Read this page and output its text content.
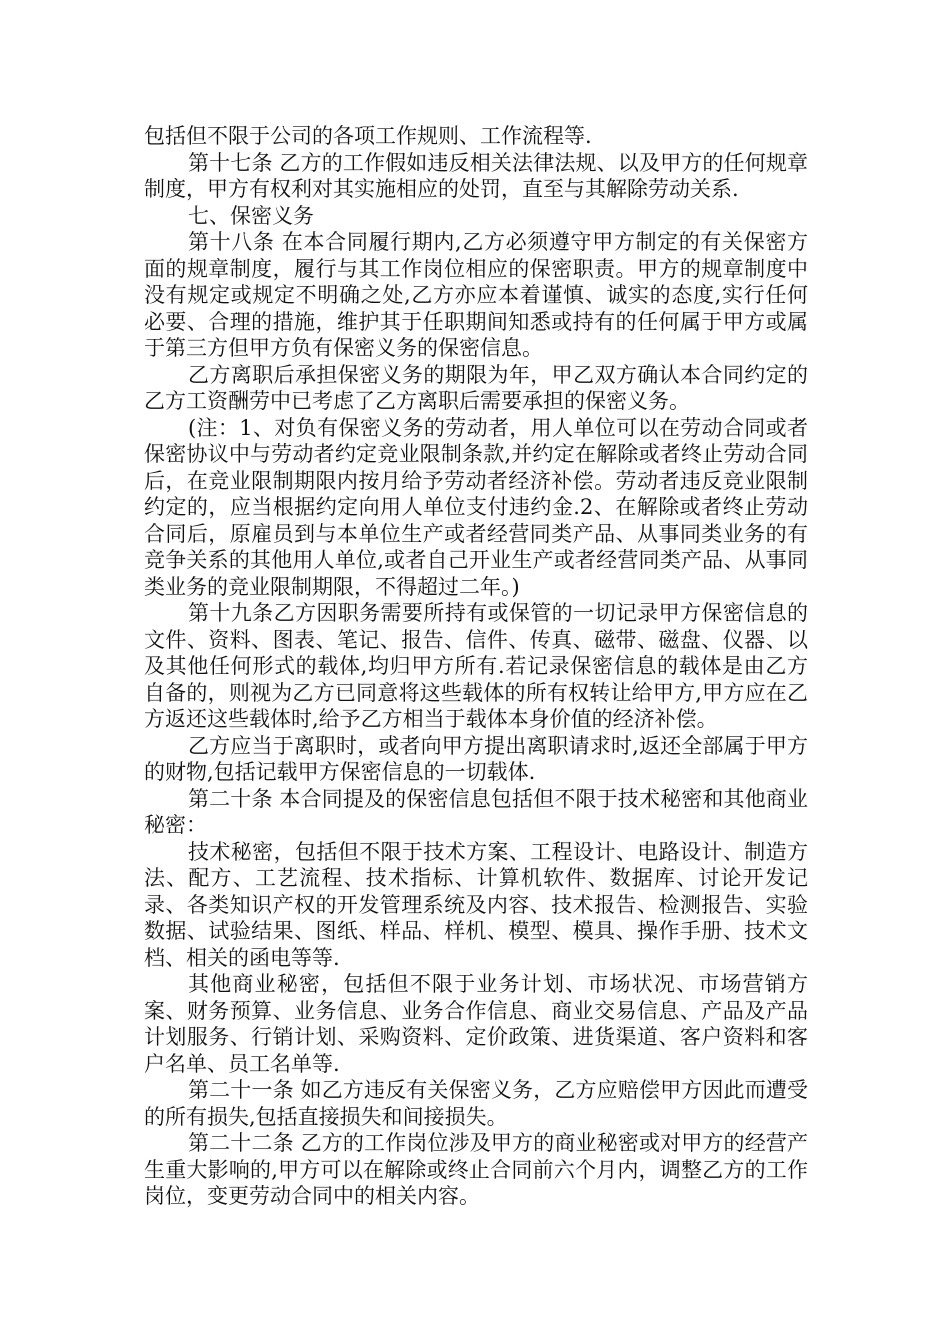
包括但不限于公司的各项工作规则、工作流程等.

第十七条 乙方的工作假如违反相关法律法规、以及甲方的任何规章制度，甲方有权利对其实施相应的处罚，直至与其解除劳动关系.

七、保密义务

第十八条 在本合同履行期内,乙方必须遵守甲方制定的有关保密方面的规章制度，履行与其工作岗位相应的保密职责。甲方的规章制度中没有规定或规定不明确之处,乙方亦应本着谨慎、诚实的态度,实行任何必要、合理的措施，维护其于任职期间知悉或持有的任何属于甲方或属于第三方但甲方负有保密义务的保密信息。

乙方离职后承担保密义务的期限为年，甲乙双方确认本合同约定的乙方工资酬劳中已考虑了乙方离职后需要承担的保密义务。

(注：1、对负有保密义务的劳动者，用人单位可以在劳动合同或者保密协议中与劳动者约定竞业限制条款,并约定在解除或者终止劳动合同后，在竞业限制期限内按月给予劳动者经济补偿。劳动者违反竞业限制约定的，应当根据约定向用人单位支付违约金.2、在解除或者终止劳动合同后，原雇员到与本单位生产或者经营同类产品、从事同类业务的有竞争关系的其他用人单位,或者自己开业生产或者经营同类产品、从事同类业务的竞业限制期限，不得超过二年。)

第十九条乙方因职务需要所持有或保管的一切记录甲方保密信息的文件、资料、图表、笔记、报告、信件、传真、磁带、磁盘、仪器、以及其他任何形式的载体,均归甲方所有.若记录保密信息的载体是由乙方自备的，则视为乙方已同意将这些载体的所有权转让给甲方,甲方应在乙方返还这些载体时,给予乙方相当于载体本身价值的经济补偿。

乙方应当于离职时，或者向甲方提出离职请求时,返还全部属于甲方的财物,包括记载甲方保密信息的一切载体.

第二十条 本合同提及的保密信息包括但不限于技术秘密和其他商业秘密：

技术秘密，包括但不限于技术方案、工程设计、电路设计、制造方法、配方、工艺流程、技术指标、计算机软件、数据库、讨论开发记录、各类知识产权的开发管理系统及内容、技术报告、检测报告、实验数据、试验结果、图纸、样品、样机、模型、模具、操作手册、技术文档、相关的函电等等.

其他商业秘密，包括但不限于业务计划、市场状况、市场营销方案、财务预算、业务信息、业务合作信息、商业交易信息、产品及产品计划服务、行销计划、采购资料、定价政策、进货渠道、客户资料和客户名单、员工名单等.

第二十一条 如乙方违反有关保密义务，乙方应赔偿甲方因此而遭受的所有损失,包括直接损失和间接损失。

第二十二条 乙方的工作岗位涉及甲方的商业秘密或对甲方的经营产生重大影响的,甲方可以在解除或终止合同前六个月内，调整乙方的工作岗位，变更劳动合同中的相关内容。
